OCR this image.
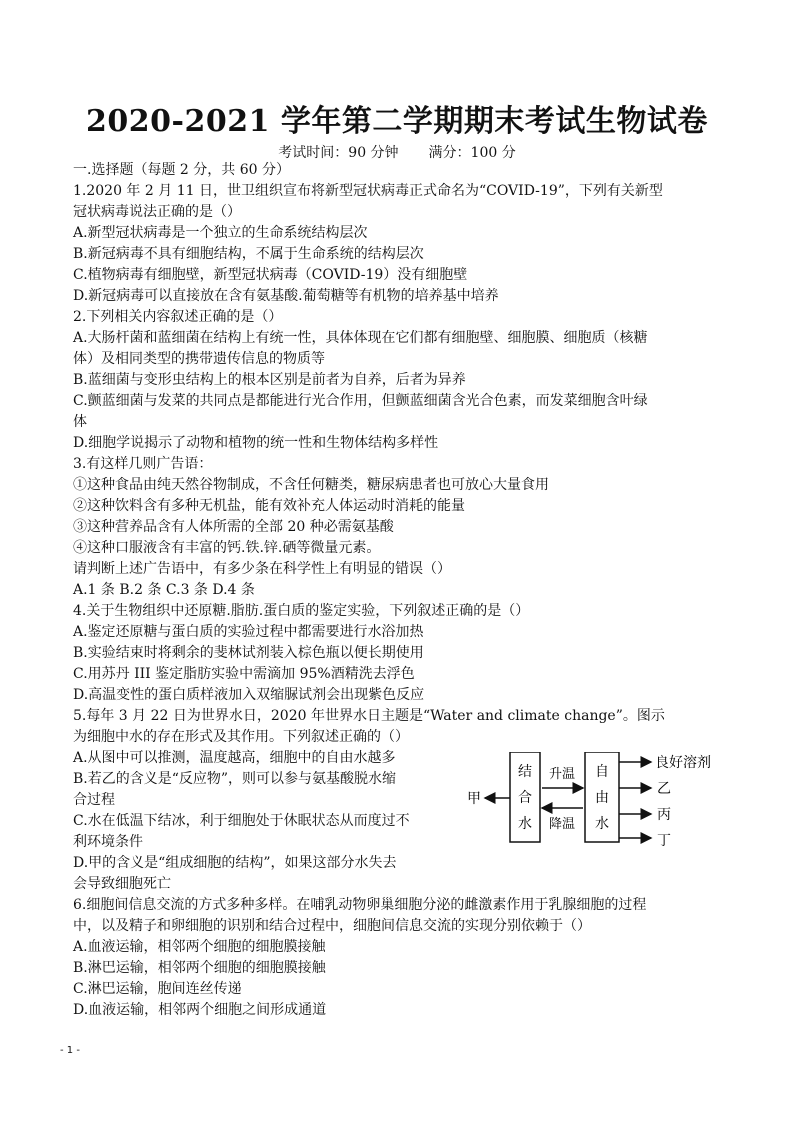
2020-2021 学年第二学期期末考试生物试卷
考试时间：90 分钟 满分：100 分
一.选择题（每题 2 分，共 60 分）
1.2020 年 2 月 11 日，世卫组织宣布将新型冠状病毒正式命名为“COVID-19”，下列有关新型
冠状病毒说法正确的是（）
A.新型冠状病毒是一个独立的生命系统结构层次
B.新冠病毒不具有细胞结构，不属于生命系统的结构层次
C.植物病毒有细胞壁，新型冠状病毒（COVID-19）没有细胞壁
D.新冠病毒可以直接放在含有氨基酸.葡萄糖等有机物的培养基中培养
2.下列相关内容叙述正确的是（）
A.大肠杆菌和蓝细菌在结构上有统一性，具体体现在它们都有细胞壁、细胞膜、细胞质（核糖
体）及相同类型的携带遗传信息的物质等
B.蓝细菌与变形虫结构上的根本区别是前者为自养，后者为异养
C.颤蓝细菌与发菜的共同点是都能进行光合作用，但颤蓝细菌含光合色素，而发菜细胞含叶绿
体
D.细胞学说揭示了动物和植物的统一性和生物体结构多样性
3.有这样几则广告语：
①这种食品由纯天然谷物制成，不含任何糖类，糖尿病患者也可放心大量食用
②这种饮料含有多种无机盐，能有效补充人体运动时消耗的能量
③这种营养品含有人体所需的全部 20 种必需氨基酸
④这种口服液含有丰富的钙.铁.锌.硒等微量元素。
请判断上述广告语中，有多少条在科学性上有明显的错误（）
A.1 条 B.2 条 C.3 条 D.4 条
4.关于生物组织中还原糖.脂肪.蛋白质的鉴定实验，下列叙述正确的是（）
A.鉴定还原糖与蛋白质的实验过程中都需要进行水浴加热
B.实验结束时将剩余的斐林试剂装入棕色瓶以便长期使用
C.用苏丹 III 鉴定脂肪实验中需滴加 95%酒精洗去浮色
D.高温变性的蛋白质样液加入双缩脲试剂会出现紫色反应
5.每年 3 月 22 日为世界水日，2020 年世界水日主题是“Water and climate change”。图示
为细胞中水的存在形式及其作用。下列叙述正确的（）
A.从图中可以推测，温度越高，细胞中的自由水越多
B.若乙的含义是“反应物”，则可以参与氨基酸脱水缩
合过程
C.水在低温下结冰，利于细胞处于休眠状态从而度过不
利环境条件
D.甲的含义是“组成细胞的结构”，如果这部分水失去
会导致细胞死亡
结
合
水
自
由
水
升温
降温
甲
良好溶剂
乙
丙
丁
6.细胞间信息交流的方式多种多样。在哺乳动物卵巢细胞分泌的雌激素作用于乳腺细胞的过程
中，以及精子和卵细胞的识别和结合过程中，细胞间信息交流的实现分别依赖于（）
A.血液运输，相邻两个细胞的细胞膜接触
B.淋巴运输，相邻两个细胞的细胞膜接触
C.淋巴运输，胞间连丝传递
D.血液运输，相邻两个细胞之间形成通道
- 1 -
